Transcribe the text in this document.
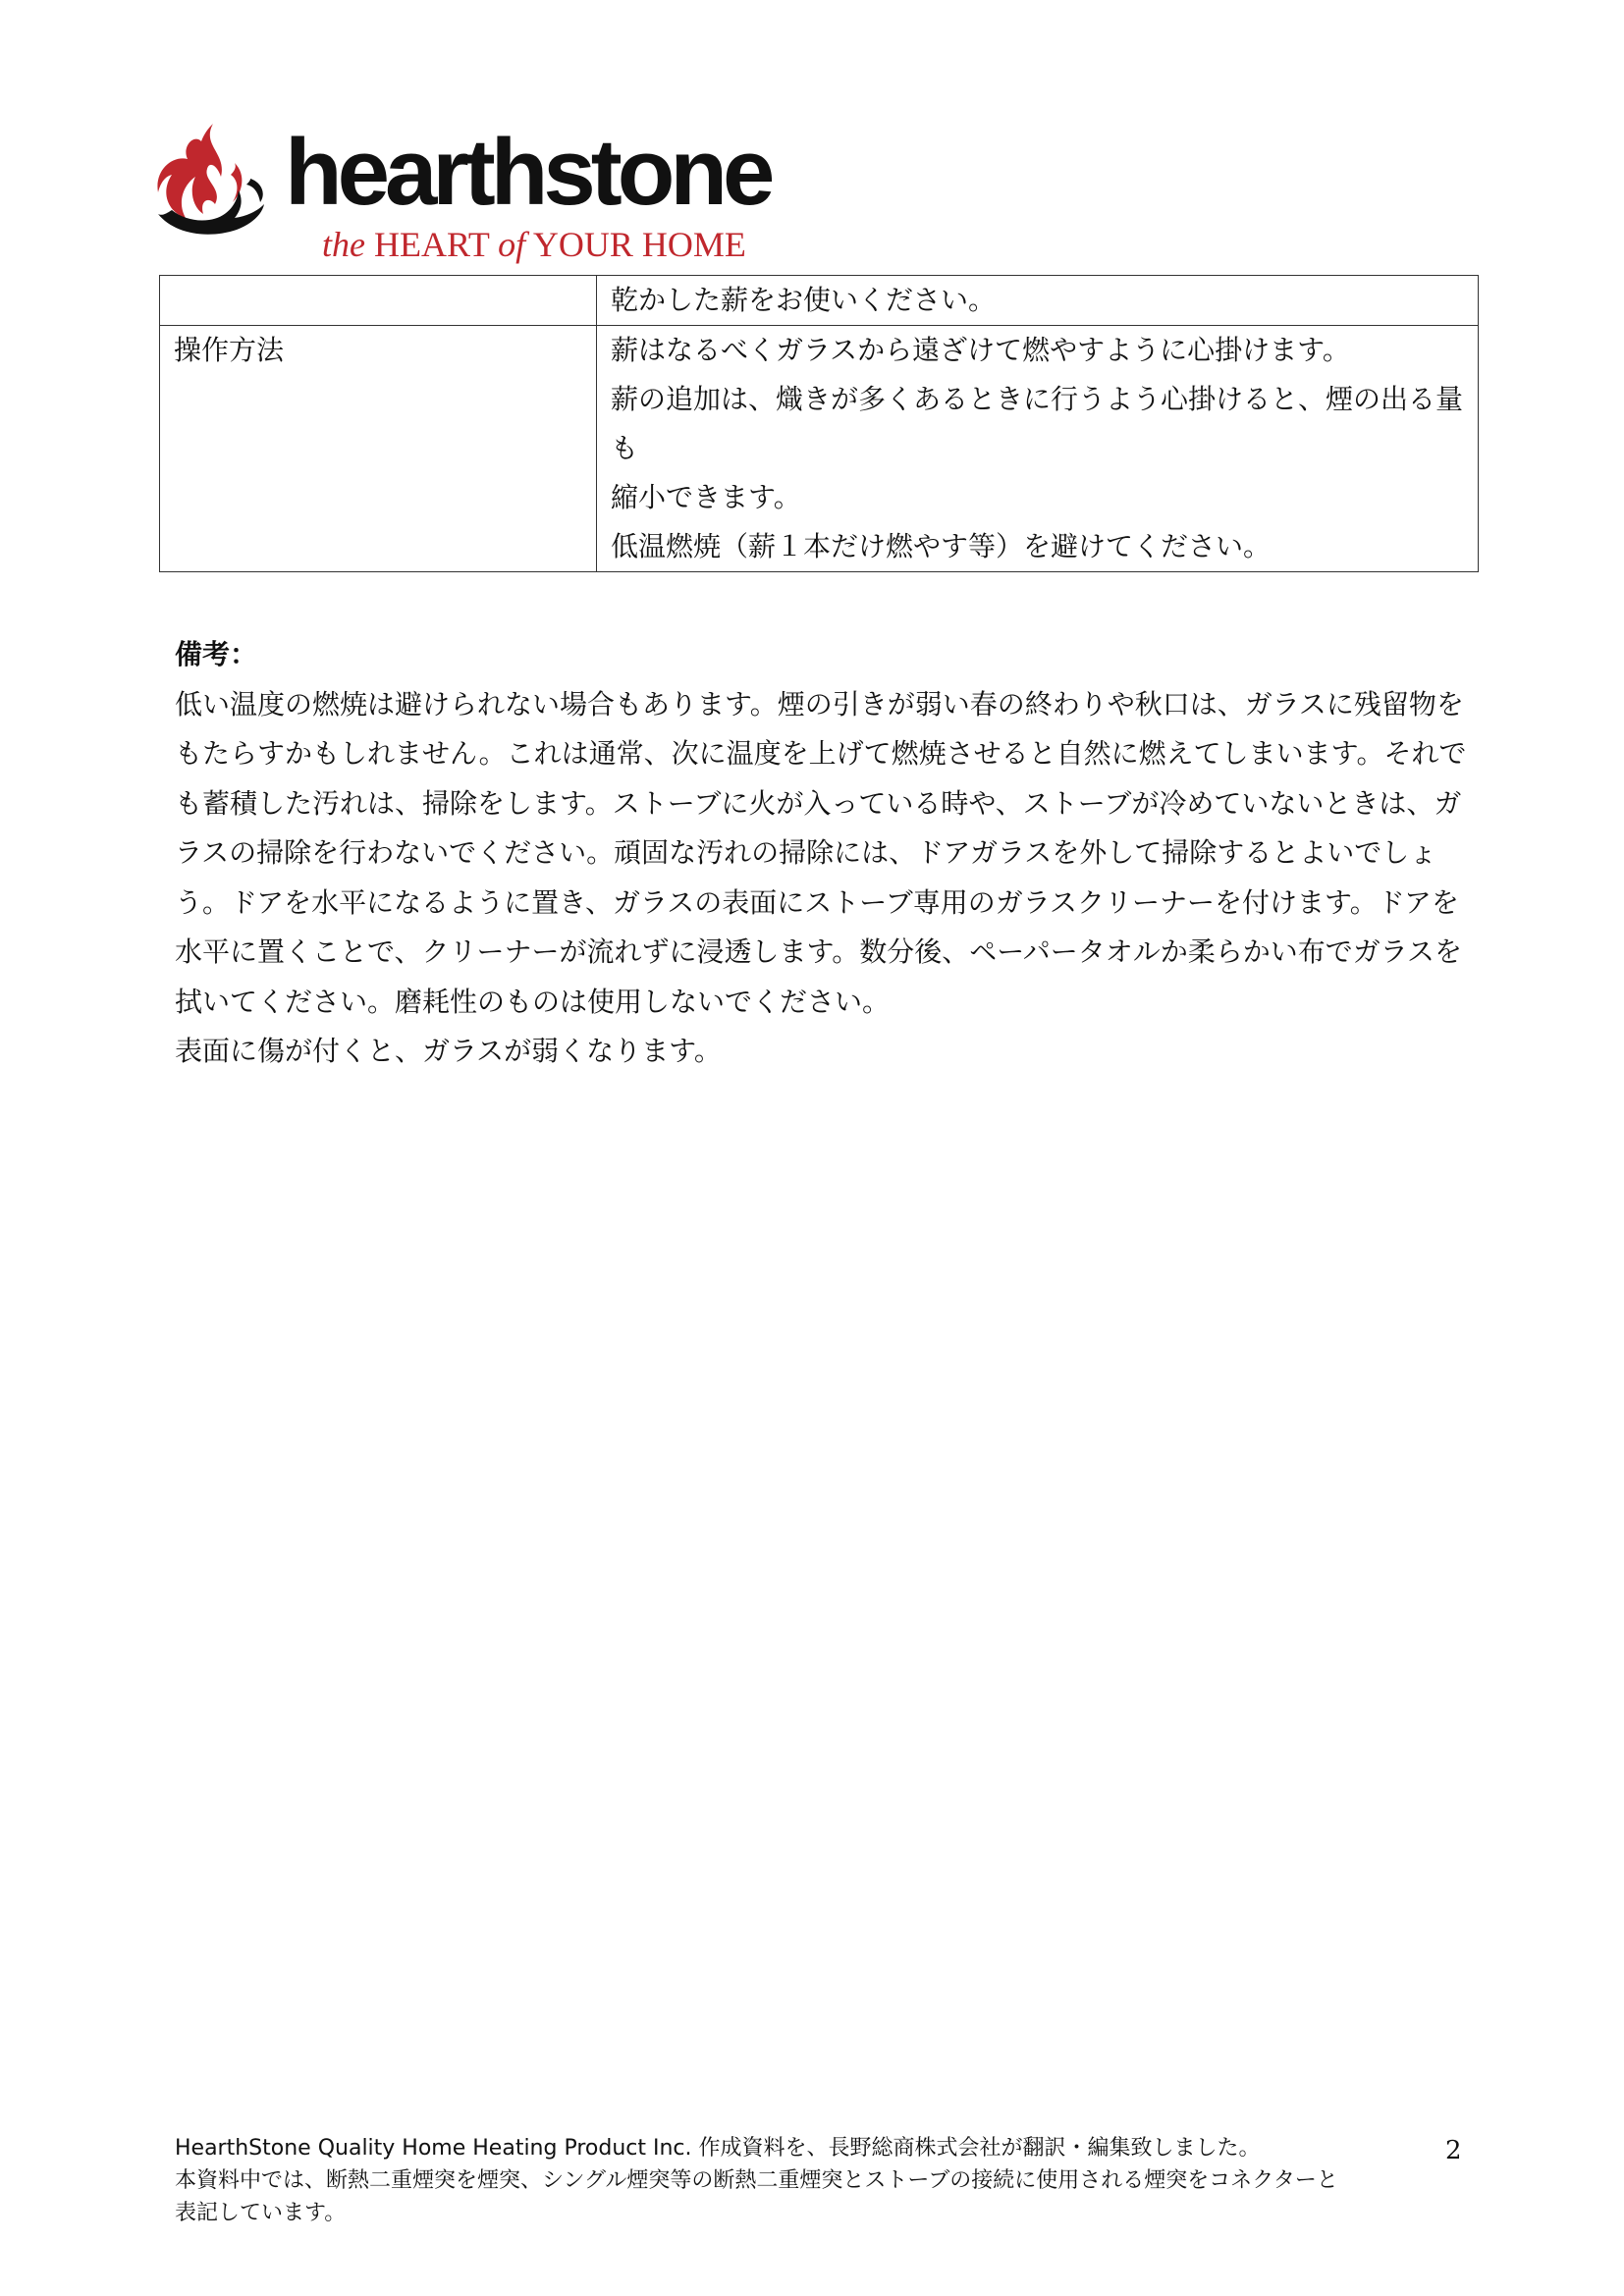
hearthstone
the HEART of YOUR HOME

	乾かした薪をお使いください。

操作方法	薪はなるべくガラスから遠ざけて燃やすように心掛けます。
薪の追加は、熾きが多くあるときに行うよう心掛けると、煙の出る量も
縮小できます。
低温燃焼（薪１本だけ燃やす等）を避けてください。
備考：

低い温度の燃焼は避けられない場合もあります。煙の引きが弱い春の終わりや秋口は、ガラスに残留物をもたらすかもしれません。これは通常、次に温度を上げて燃焼させると自然に燃えてしまいます。それでも蓄積した汚れは、掃除をします。ストーブに火が入っている時や、ストーブが冷めていないときは、ガラスの掃除を行わないでください。頑固な汚れの掃除には、ドアガラスを外して掃除するとよいでしょう。ドアを水平になるように置き、ガラスの表面にストーブ専用のガラスクリーナーを付けます。ドアを水平に置くことで、クリーナーが流れずに浸透します。数分後、ペーパータオルか柔らかい布でガラスを拭いてください。磨耗性のものは使用しないでください。

表面に傷が付くと、ガラスが弱くなります。

HearthStone Quality Home Heating Product Inc. 作成資料を、長野総商株式会社が翻訳・編集致しました。

本資料中では、断熱二重煙突を煙突、シングル煙突等の断熱二重煙突とストーブの接続に使用される煙突をコネクターと

表記しています。

2
